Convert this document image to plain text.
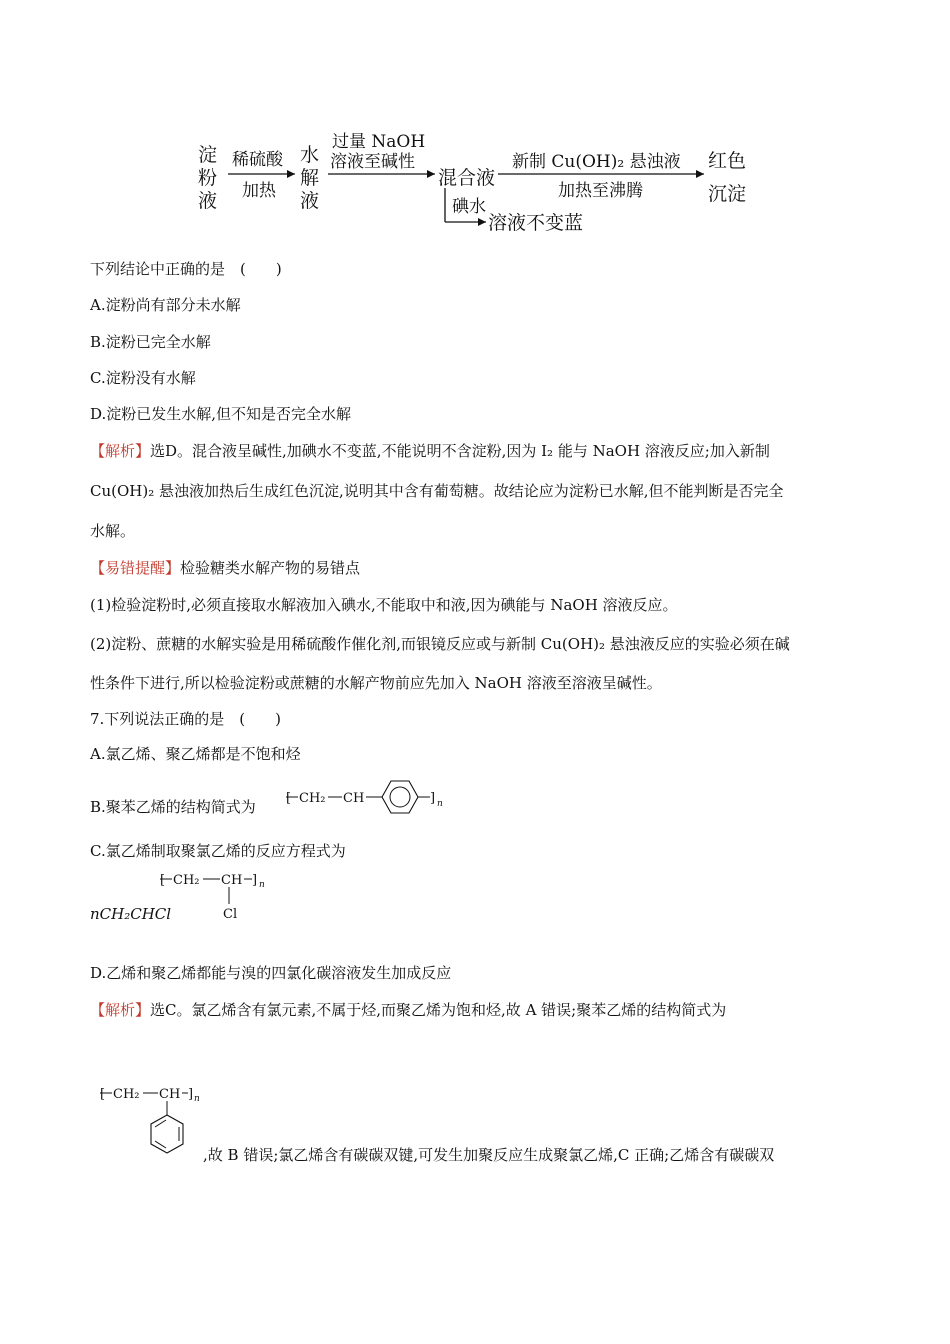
淀
粉
液
稀硫酸
加热
水
解
液
过量 NaOH
溶液至碱性
混合液
新制 Cu(OH)₂ 悬浊液
加热至沸腾
红色
沉淀
碘水
溶液不变蓝
下列结论中正确的是　(　　)
A.淀粉尚有部分未水解
B.淀粉已完全水解
C.淀粉没有水解
D.淀粉已发生水解,但不知是否完全水解
【解析】选D。混合液呈碱性,加碘水不变蓝,不能说明不含淀粉,因为 I₂ 能与 NaOH 溶液反应;加入新制
Cu(OH)₂ 悬浊液加热后生成红色沉淀,说明其中含有葡萄糖。故结论应为淀粉已水解,但不能判断是否完全
水解。
【易错提醒】检验糖类水解产物的易错点
(1)检验淀粉时,必须直接取水解液加入碘水,不能取中和液,因为碘能与 NaOH 溶液反应。
(2)淀粉、蔗糖的水解实验是用稀硫酸作催化剂,而银镜反应或与新制 Cu(OH)₂ 悬浊液反应的实验必须在碱
性条件下进行,所以检验淀粉或蔗糖的水解产物前应先加入 NaOH 溶液至溶液呈碱性。
7.下列说法正确的是　(　　)
A.氯乙烯、聚乙烯都是不饱和烃
B.聚苯乙烯的结构简式为 [ CH₂ CH	] n
C.氯乙烯制取聚氯乙烯的反应方程式为
[ CH₂ CH ] n
Cl
nCH₂CHCl
D.乙烯和聚乙烯都能与溴的四氯化碳溶液发生加成反应
【解析】选C。氯乙烯含有氯元素,不属于烃,而聚乙烯为饱和烃,故 A 错误;聚苯乙烯的结构简式为
[ CH₂ CH ] n
,故 B 错误;氯乙烯含有碳碳双键,可发生加聚反应生成聚氯乙烯,C 正确;乙烯含有碳碳双
